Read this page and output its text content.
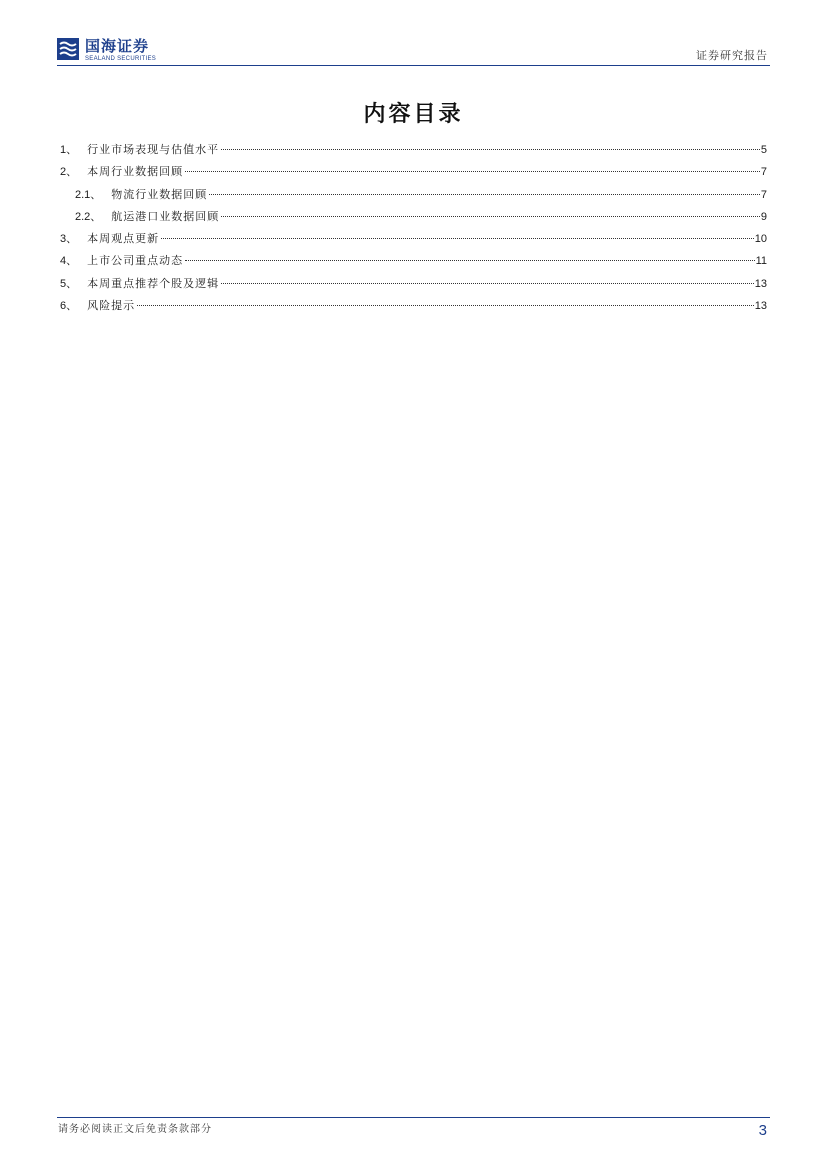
国海证券
SEALAND SECURITIES	证券研究报告
内容目录
1、 行业市场表现与估值水平	5
2、 本周行业数据回顾	7
2.1、 物流行业数据回顾	7
2.2、 航运港口业数据回顾	9
3、 本周观点更新	10
4、 上市公司重点动态	11
5、 本周重点推荐个股及逻辑	13
6、 风险提示	13
请务必阅读正文后免责条款部分	3
